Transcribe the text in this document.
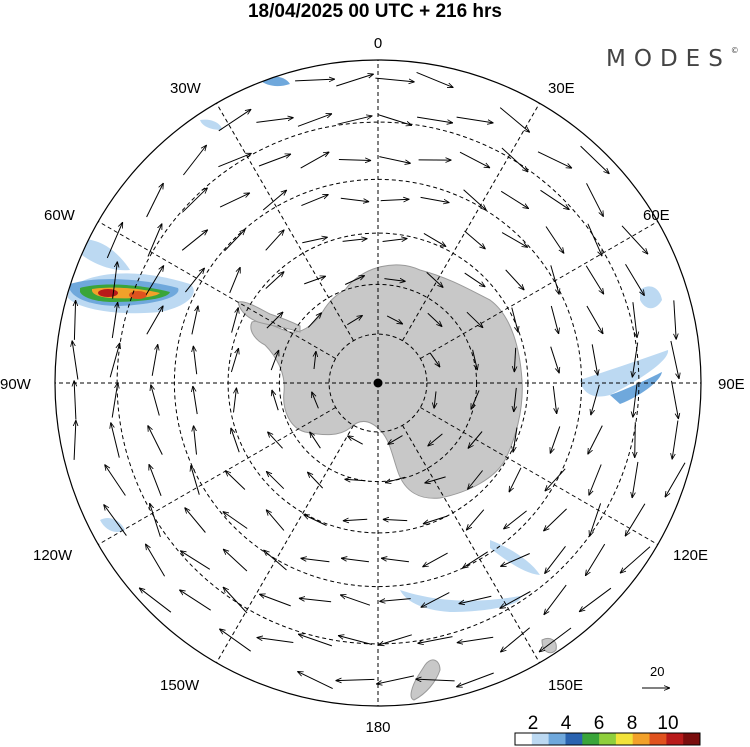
18/04/2025 00 UTC + 216 hrs
MODES©
0
30E
60E
90E
120E
150E
180
150W
120W
90W
60W
30W
20
2 4 6 8 10
